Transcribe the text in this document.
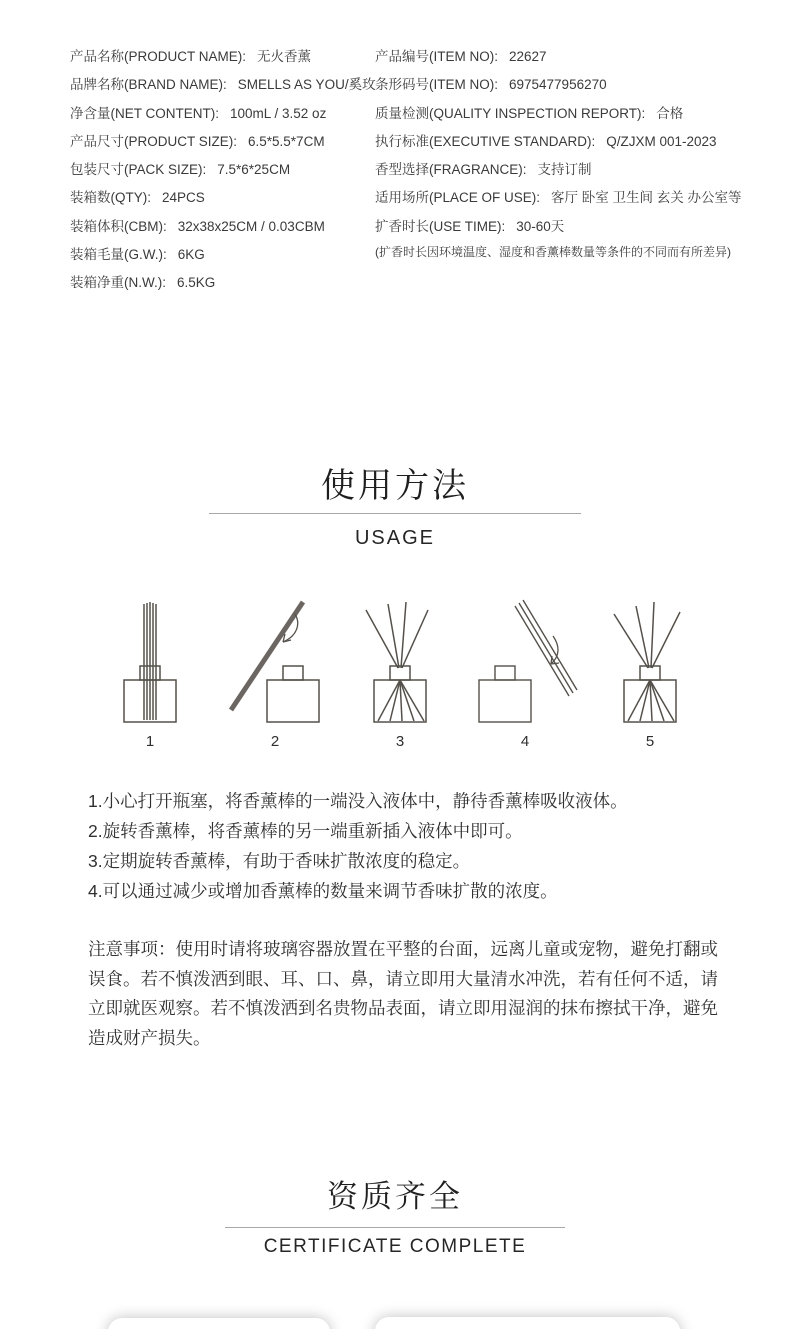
产品名称(PRODUCT NAME): 无火香薰
品牌名称(BRAND NAME): SMELLS AS YOU/奚玫
净含量(NET CONTENT): 100mL / 3.52 oz
产品尺寸(PRODUCT SIZE): 6.5*5.5*7CM
包装尺寸(PACK SIZE): 7.5*6*25CM
装箱数(QTY): 24PCS
装箱体积(CBM): 32x38x25CM / 0.03CBM
装箱毛量(G.W.): 6KG
装箱净重(N.W.): 6.5KG
产品编号(ITEM NO): 22627
条形码号(ITEM NO): 6975477956270
质量检测(QUALITY INSPECTION REPORT): 合格
执行标准(EXECUTIVE STANDARD): Q/ZJXM 001-2023
香型选择(FRAGRANCE): 支持订制
适用场所(PLACE OF USE): 客厅 卧室 卫生间 玄关 办公室等
扩香时长(USE TIME): 30-60天
(扩香时长因环境温度、湿度和香薰棒数量等条件的不同而有所差异)
使用方法
USAGE
1	2	3	4	5
1.小心打开瓶塞，将香薰棒的一端没入液体中，静待香薰棒吸收液体。
2.旋转香薰棒，将香薰棒的另一端重新插入液体中即可。
3.定期旋转香薰棒，有助于香味扩散浓度的稳定。
4.可以通过减少或增加香薰棒的数量来调节香味扩散的浓度。
注意事项：使用时请将玻璃容器放置在平整的台面，远离儿童或宠物，避免打翻或误食。若不慎泼洒到眼、耳、口、鼻，请立即用大量清水冲洗，若有任何不适，请立即就医观察。若不慎泼洒到名贵物品表面，请立即用湿润的抹布擦拭干净，避免造成财产损失。
资质齐全
CERTIFICATE COMPLETE
